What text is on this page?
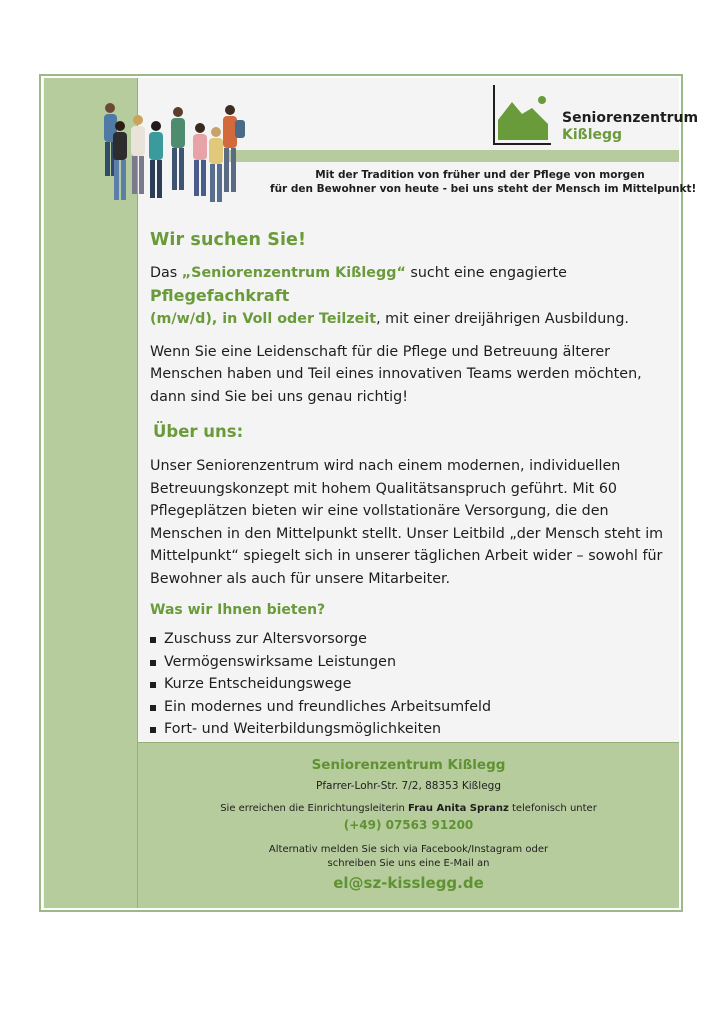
Seniorenzentrum
Kißlegg
Mit der Tradition von früher und der Pflege von morgen
für den Bewohner von heute - bei uns steht der Mensch im Mittelpunkt!
Wir suchen Sie!

Das „Seniorenzentrum Kißlegg“ sucht eine engagierte Pflegefachkraft
(m/w/d), in Voll oder Teilzeit, mit einer dreijährigen Ausbildung.

Wenn Sie eine Leidenschaft für die Pflege und Betreuung älterer Menschen haben und Teil eines innovativen Teams werden möchten, dann sind Sie bei uns genau richtig!

Über uns:

Unser Seniorenzentrum wird nach einem modernen, individuellen Betreuungskonzept mit hohem Qualitätsanspruch geführt. Mit 60 Pflegeplätzen bieten wir eine vollstationäre Versorgung, die den Menschen in den Mittelpunkt stellt. Unser Leitbild „der Mensch steht im Mittelpunkt“ spiegelt sich in unserer täglichen Arbeit wider – sowohl für Bewohner als auch für unsere Mitarbeiter.

Was wir Ihnen bieten?
Zuschuss zur Altersvorsorge
Vermögenswirksame Leistungen
Kurze Entscheidungswege
Ein modernes und freundliches Arbeitsumfeld
Fort- und Weiterbildungsmöglichkeiten
Seniorenzentrum Kißlegg
Pfarrer-Lohr-Str. 7/2, 88353 Kißlegg
Sie erreichen die Einrichtungsleiterin Frau Anita Spranz telefonisch unter
(+49) 07563 91200
Alternativ melden Sie sich via Facebook/Instagram oder
schreiben Sie uns eine E-Mail an
el@sz-kisslegg.de
